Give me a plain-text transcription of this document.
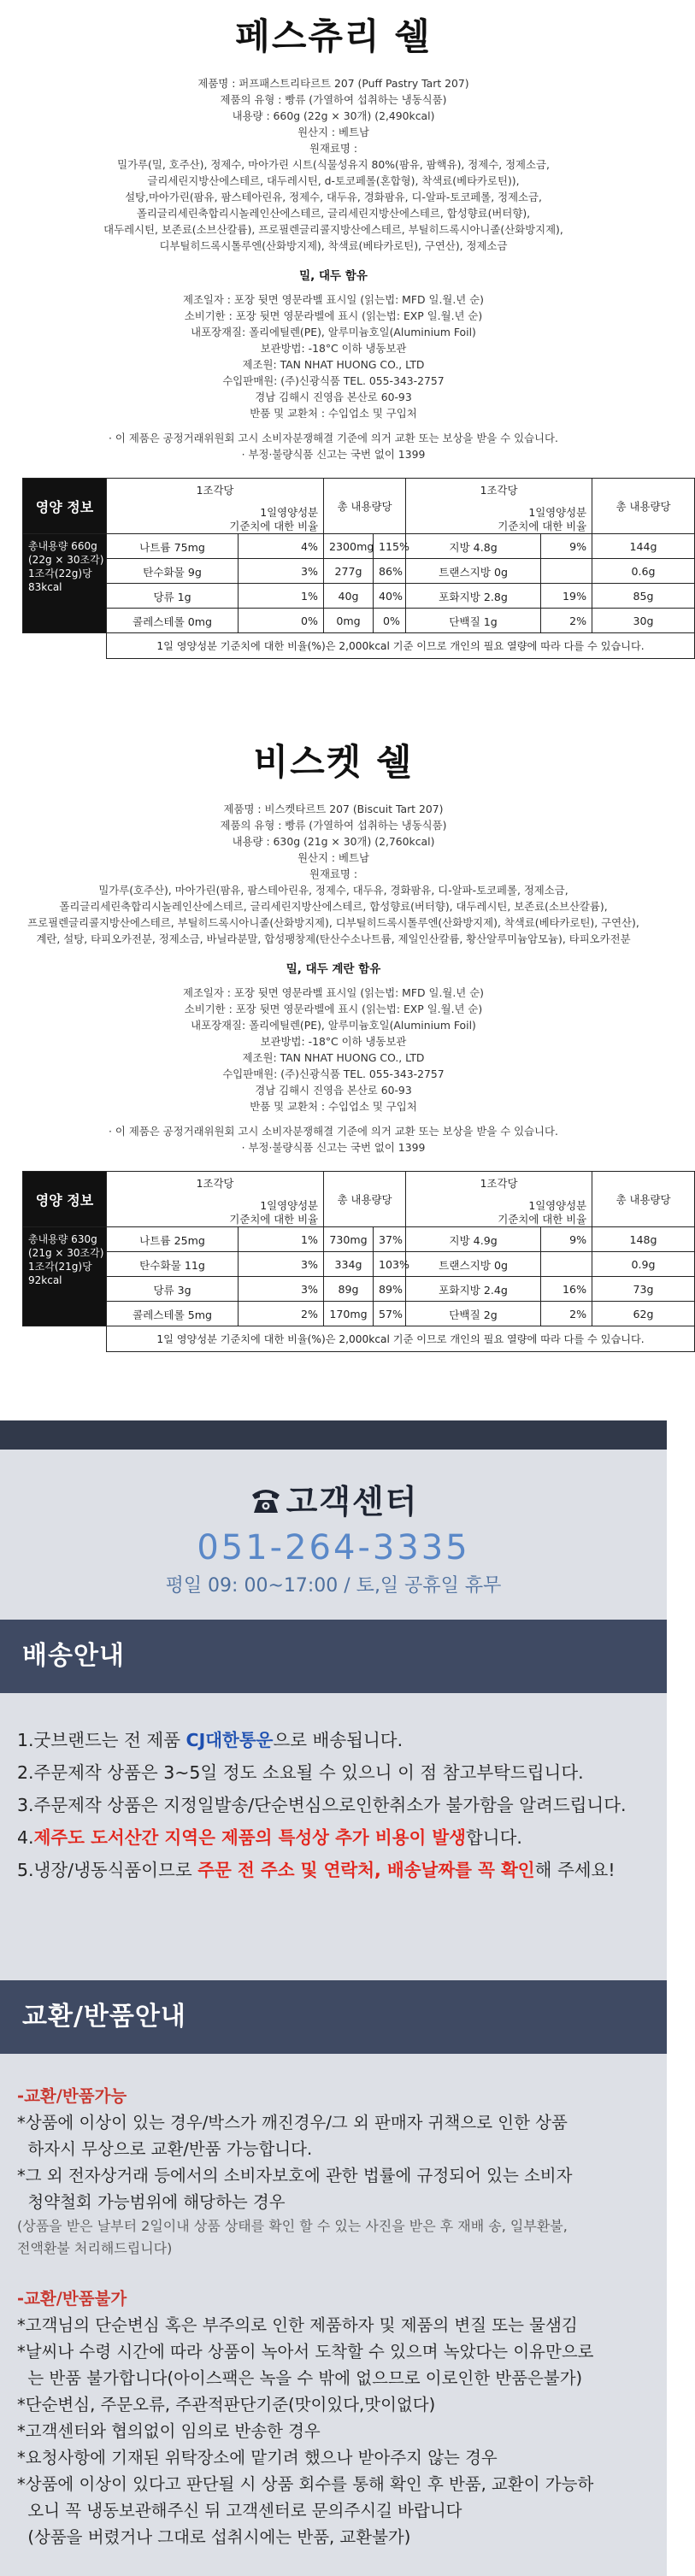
페스츄리 쉘
제품명 : 퍼프패스트리타르트 207 (Puff Pastry Tart 207)
제품의 유형 : 빵류 (가열하여 섭취하는 냉동식품)
내용량 : 660g (22g × 30개) (2,490kcal)
원산지 : 베트남
원재료명 :
밀가루(밀, 호주산), 정제수, 마아가린 시트(식물성유지 80%(팜유, 팜핵유), 정제수, 정제소금,
글리세린지방산에스테르, 대두레시틴, d-토코페롤(혼합형), 착색료(베타카로틴)),
설탕,마아가린(팜유, 팜스테아린유, 정제수, 대두유, 경화팜유, 디-알파-토코페롤, 정제소금,
폴리글리세린축합리시놀레인산에스테르, 글리세린지방산에스테르, 합성향료(버터향),
대두레시틴, 보존료(소브산칼륨), 프로필렌글리콜지방산에스테르, 부틸히드록시아니졸(산화방지제),
디부틸히드록시톨루엔(산화방지제), 착색료(베타카로틴), 구연산), 정제소금
밀, 대두 함유
제조일자 : 포장 뒷면 영문라벨 표시일 (읽는법: MFD 일.월.년 순)
소비기한 : 포장 뒷면 영문라벨에 표시 (읽는법: EXP 일.월.년 순)
내포장재질: 폴리에틸렌(PE), 알루미늄호일(Aluminium Foil)
보관방법: -18°C 이하 냉동보관
제조원: TAN NHAT HUONG CO., LTD
수입판매원: (주)신광식품 TEL. 055-343-2757
경남 김해시 진영읍 본산로 60-93
반품 및 교환처 : 수입업소 및 구입처
· 이 제품은 공정거래위원회 고시 소비자분쟁해결 기준에 의거 교환 또는 보상을 받을 수 있습니다.
· 부정·불량식품 신고는 국번 없이 1399
영양 정보	1조각당
1일영양성분
기준치에 대한 비율		총 내용량당		1조각당
1일영양성분
기준치에 대한 비율		총 내용량당	

총내용량 660g
(22g × 30조각)
1조각(22g)당
83kcal	나트륨 75mg	4%	2300mg	115%	지방 4.8g	9%	144g	
	탄수화물 9g	3%	277g	86%	트랜스지방 0g		0.6g	
	당류 1g	1%	40g	40%	포화지방 2.8g	19%	85g	
	콜레스테롤 0mg	0%	0mg	0%	단백질 1g	2%	30g	
	1일 영양성분 기준치에 대한 비율(%)은 2,000kcal 기준 이므로 개인의 필요 열량에 따라 다를 수 있습니다.							
비스켓 쉘
제품명 : 비스켓타르트 207 (Biscuit Tart 207)
제품의 유형 : 빵류 (가열하여 섭취하는 냉동식품)
내용량 : 630g (21g × 30개) (2,760kcal)
원산지 : 베트남
원재료명 :
밀가루(호주산), 마아가린(팜유, 팜스테아린유, 정제수, 대두유, 경화팜유, 디-알파-토코페롤, 정제소금,
폴리글리세린축합리시놀레인산에스테르, 글리세린지방산에스테르, 합성향료(버터향), 대두레시틴, 보존료(소브산칼륨),
프로필렌글리콜지방산에스테르, 부틸히드록시아니졸(산화방지제), 디부틸히드록시톨루엔(산화방지제), 착색료(베타카로틴), 구연산),
계란, 설탕, 타피오카전분, 정제소금, 바닐라분말, 합성팽창제(탄산수소나트륨, 제일인산칼륨, 황산알루미늄암모늄), 타피오카전분
밀, 대두 계란 함유
제조일자 : 포장 뒷면 영문라벨 표시일 (읽는법: MFD 일.월.년 순)
소비기한 : 포장 뒷면 영문라벨에 표시 (읽는법: EXP 일.월.년 순)
내포장재질: 폴리에틸렌(PE), 알루미늄호일(Aluminium Foil)
보관방법: -18°C 이하 냉동보관
제조원: TAN NHAT HUONG CO., LTD
수입판매원: (주)신광식품 TEL. 055-343-2757
경남 김해시 진영읍 본산로 60-93
반품 및 교환처 : 수입업소 및 구입처
· 이 제품은 공정거래위원회 고시 소비자분쟁해결 기준에 의거 교환 또는 보상을 받을 수 있습니다.
· 부정·불량식품 신고는 국번 없이 1399
영양 정보	1조각당
1일영양성분
기준치에 대한 비율		총 내용량당		1조각당
1일영양성분
기준치에 대한 비율		총 내용량당	

총내용량 630g
(21g × 30조각)
1조각(21g)당
92kcal	나트륨 25mg	1%	730mg	37%	지방 4.9g	9%	148g	
	탄수화물 11g	3%	334g	103%	트랜스지방 0g		0.9g	
	당류 3g	3%	89g	89%	포화지방 2.4g	16%	73g	
	콜레스테롤 5mg	2%	170mg	57%	단백질 2g	2%	62g	
	1일 영양성분 기준치에 대한 비율(%)은 2,000kcal 기준 이므로 개인의 필요 열량에 따라 다를 수 있습니다.							
고객센터
051-264-3335
평일 09: 00~17:00 / 토,일 공휴일 휴무
배송안내
1.굿브랜드는 전 제품 CJ대한통운으로 배송됩니다.
2.주문제작 상품은 3~5일 정도 소요될 수 있으니 이 점 참고부탁드립니다.
3.주문제작 상품은 지정일발송/단순변심으로인한취소가 불가함을 알려드립니다.
4.제주도 도서산간 지역은 제품의 특성상 추가 비용이 발생합니다.
5.냉장/냉동식품이므로 주문 전 주소 및 연락처, 배송날짜를 꼭 확인해 주세요!
교환/반품안내
-교환/반품가능
*상품에 이상이 있는 경우/박스가 깨진경우/그 외 판매자 귀책으로 인한 상품
하자시 무상으로 교환/반품 가능합니다.
*그 외 전자상거래 등에서의 소비자보호에 관한 법률에 규정되어 있는 소비자
청약철회 가능범위에 해당하는 경우
(상품을 받은 날부터 2일이내 상품 상태를 확인 할 수 있는 사진을 받은 후 재배 송, 일부환불,
전액환불 처리해드립니다)
-교환/반품불가
*고객님의 단순변심 혹은 부주의로 인한 제품하자 및 제품의 변질 또는 물샘김
*날씨나 수령 시간에 따라 상품이 녹아서 도착할 수 있으며 녹았다는 이유만으로
는 반품 불가합니다(아이스팩은 녹을 수 밖에 없으므로 이로인한 반품은불가)
*단순변심, 주문오류, 주관적판단기준(맛이있다,맛이없다)
*고객센터와 협의없이 임의로 반송한 경우
*요청사항에 기재된 위탁장소에 맡기려 했으나 받아주지 않는 경우
*상품에 이상이 있다고 판단될 시 상품 회수를 통해 확인 후 반품, 교환이 가능하
오니 꼭 냉동보관해주신 뒤 고객센터로 문의주시길 바랍니다
(상품을 버렸거나 그대로 섭취시에는 반품, 교환불가)
